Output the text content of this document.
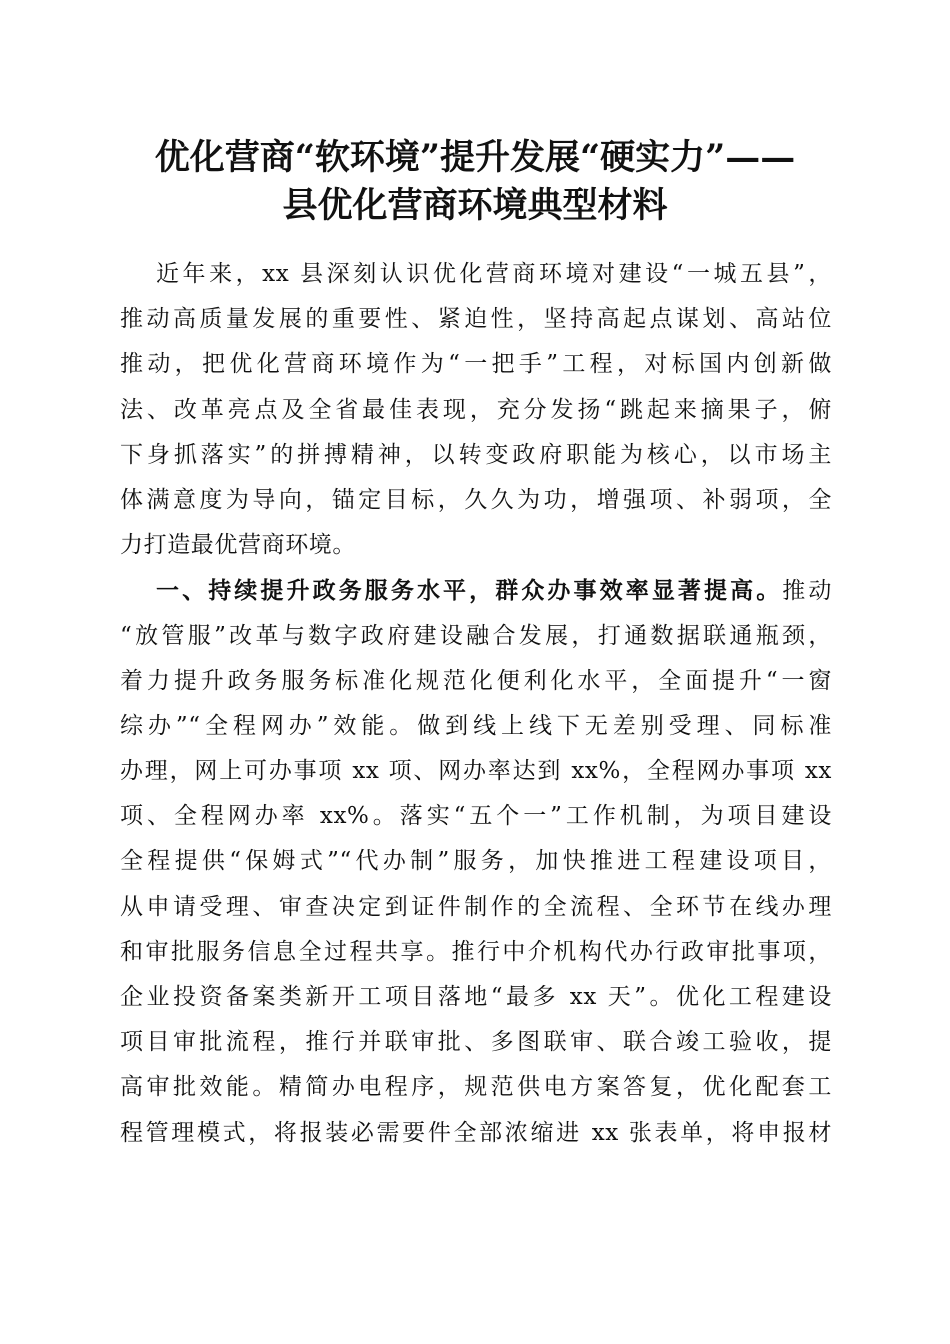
优化营商“软环境”提升发展“硬实力”——
县优化营商环境典型材料
近年来，xx 县深刻认识优化营商环境对建设“一城五县”，
推动高质量发展的重要性、紧迫性，坚持高起点谋划、高站位
推动，把优化营商环境作为“一把手”工程，对标国内创新做
法、改革亮点及全省最佳表现，充分发扬“跳起来摘果子，俯
下身抓落实”的拼搏精神，以转变政府职能为核心，以市场主
体满意度为导向，锚定目标，久久为功，增强项、补弱项，全
力打造最优营商环境。
一、持续提升政务服务水平，群众办事效率显著提高。推动
“放管服”改革与数字政府建设融合发展，打通数据联通瓶颈，
着力提升政务服务标准化规范化便利化水平，全面提升“一窗
综办”“全程网办”效能。做到线上线下无差别受理、同标准
办理，网上可办事项 xx 项、网办率达到 xx%，全程网办事项 xx
项、全程网办率 xx%。落实“五个一”工作机制，为项目建设
全程提供“保姆式”“代办制”服务，加快推进工程建设项目，
从申请受理、审查决定到证件制作的全流程、全环节在线办理
和审批服务信息全过程共享。推行中介机构代办行政审批事项，
企业投资备案类新开工项目落地“最多 xx 天”。优化工程建设
项目审批流程，推行并联审批、多图联审、联合竣工验收，提
高审批效能。精简办电程序，规范供电方案答复，优化配套工
程管理模式，将报装必需要件全部浓缩进 xx 张表单，将申报材
